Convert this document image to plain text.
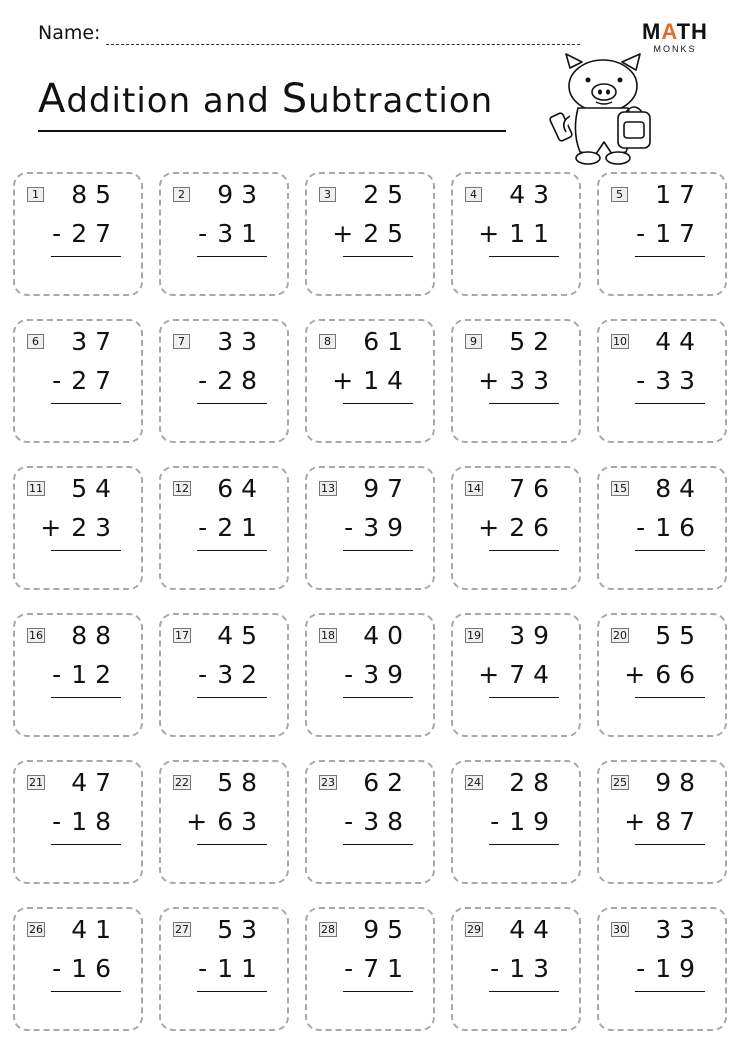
Name:
Addition and Subtraction
MATH
MONKS
1 85
-27
2 93
-31
3 25
+25
4 43
+11
5 17
-17
6 37
-27
7 33
-28
8 61
+14
9 52
+33
10 44
-33
11 54
+23
12 64
-21
13 97
-39
14 76
+26
15 84
-16
16 88
-12
17 45
-32
18 40
-39
19 39
+74
20 55
+66
21 47
-18
22 58
+63
23 62
-38
24 28
-19
25 98
+87
26 41
-16
27 53
-11
28 95
-71
29 44
-13
30 33
-19
